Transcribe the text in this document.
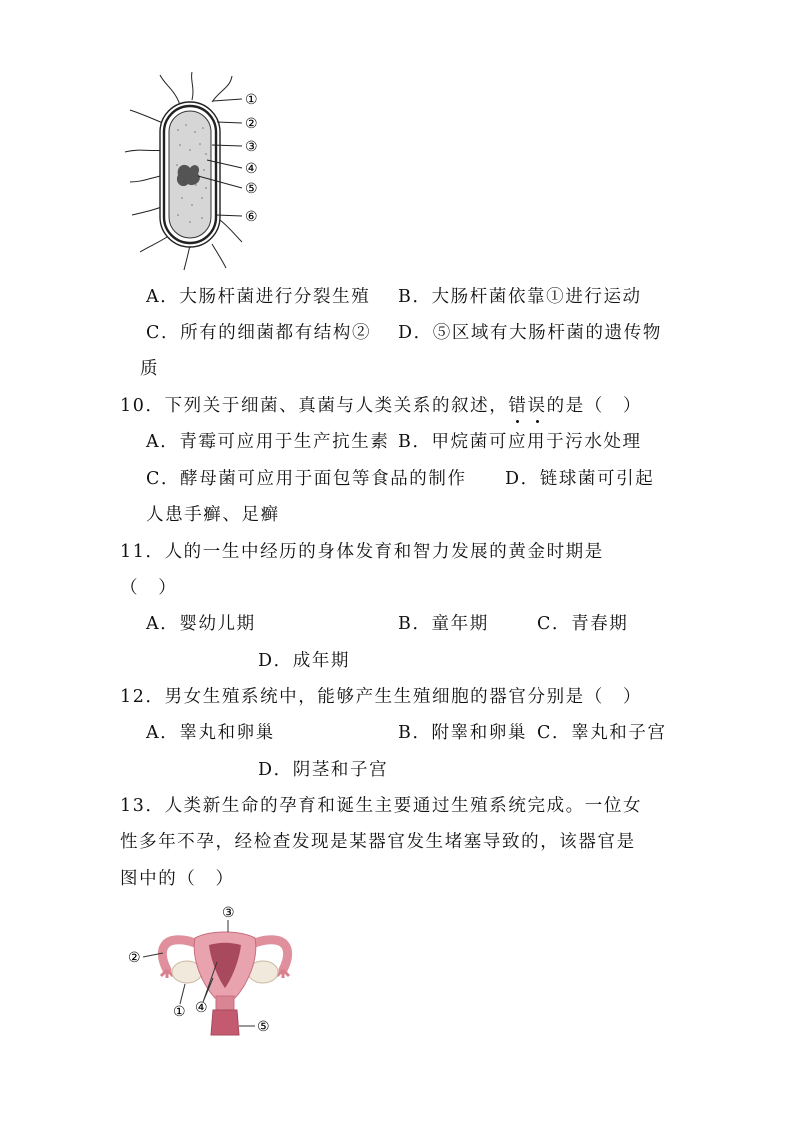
①
②
③
④
⑤
⑥
A．大肠杆菌进行分裂生殖 B．大肠杆菌依靠①进行运动
C．所有的细菌都有结构② D．⑤区域有大肠杆菌的遗传物
质
10．下列关于细菌、真菌与人类关系的叙述，错误的是（　）
A．青霉可应用于生产抗生素 B．甲烷菌可应用于污水处理
C．酵母菌可应用于面包等食品的制作 D．链球菌可引起
人患手癣、足癣
11．人的一生中经历的身体发育和智力发展的黄金时期是
（　）
A．婴幼儿期	B．童年期	C．青春期
D．成年期
12．男女生殖系统中，能够产生生殖细胞的器官分别是（　）
A．睾丸和卵巢	B．附睾和卵巢 C．睾丸和子宫
D．阴茎和子宫
13．人类新生命的孕育和诞生主要通过生殖系统完成。一位女
性多年不孕，经检查发现是某器官发生堵塞导致的，该器官是
图中的（　）
③
②
④
①
⑤
